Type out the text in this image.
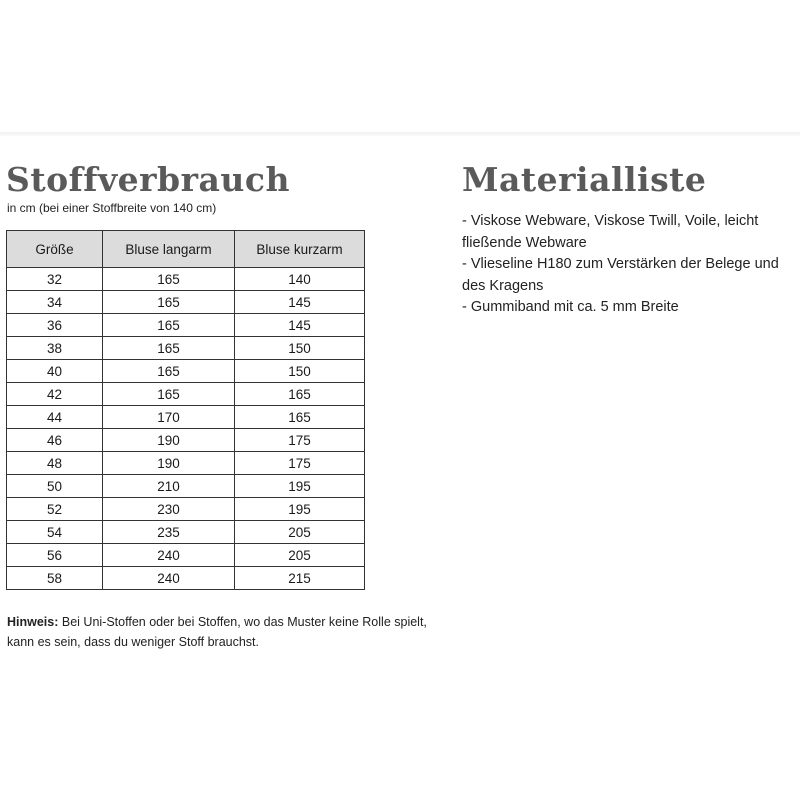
Stoffverbrauch
in cm (bei einer Stoffbreite von 140 cm)
Größe	Bluse langarm	Bluse kurzarm
32	165	140
34	165	145
36	165	145
38	165	150
40	165	150
42	165	165
44	170	165
46	190	175
48	190	175
50	210	195
52	230	195
54	235	205
56	240	205
58	240	215
Hinweis: Bei Uni-Stoffen oder bei Stoffen, wo das Muster keine Rolle spielt, kann es sein, dass du weniger Stoff brauchst.
Materialliste
- Viskose Webware, Viskose Twill, Voile, leicht fließende Webware
- Vlieseline H180 zum Verstärken der Belege und des Kragens
- Gummiband mit ca. 5 mm Breite
